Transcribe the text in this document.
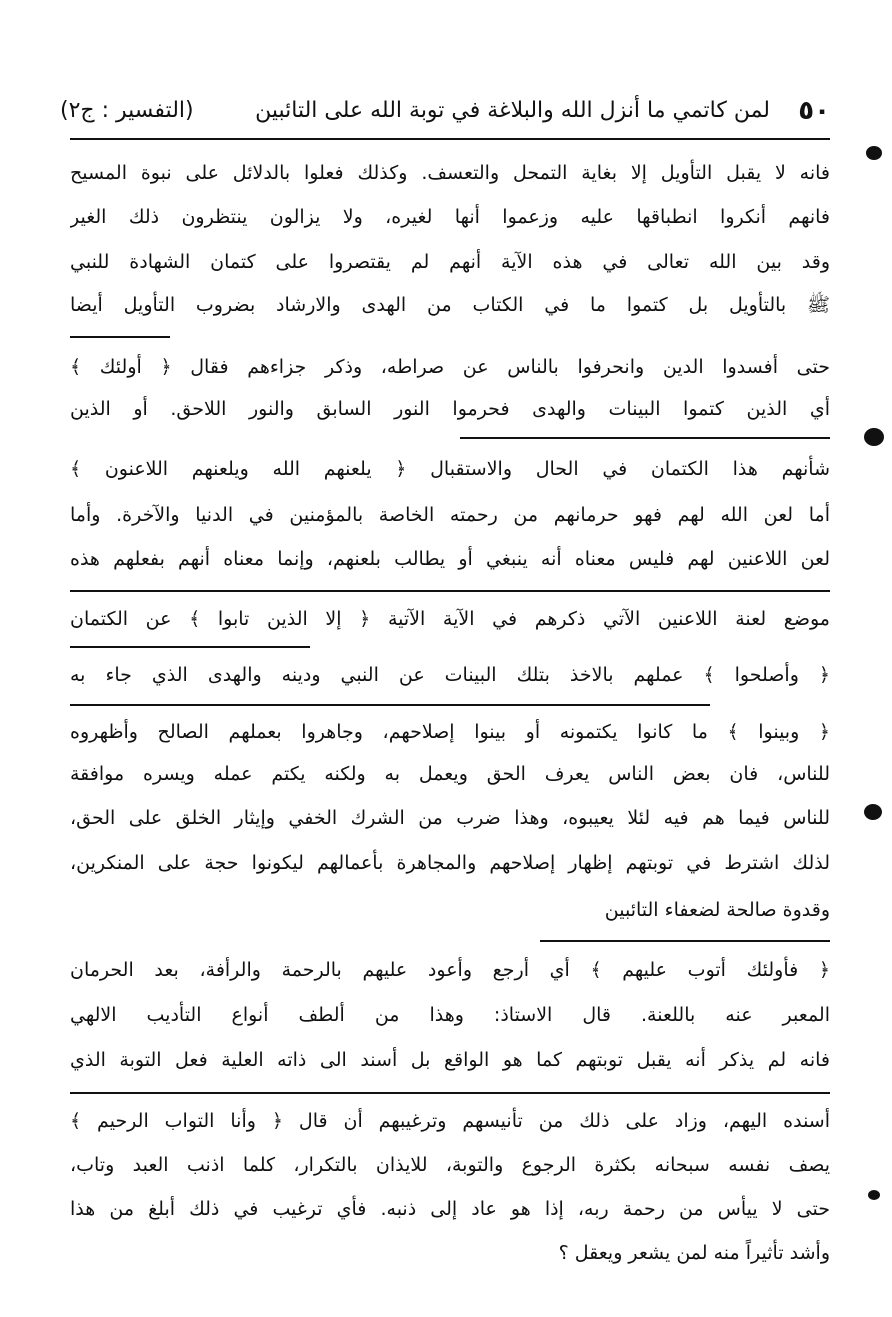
٥٠
لمن كاتمي ما أنزل الله والبلاغة في توبة الله على التائبين
(التفسير : ج٢)
فانه لا يقبل التأويل إلا بغاية التمحل والتعسف. وكذلك فعلوا بالدلائل على نبوة المسيح
فانهم أنكروا انطباقها عليه وزعموا أنها لغيره، ولا يزالون ينتظرون ذلك الغير
وقد بين الله تعالى في هذه الآية أنهم لم يقتصروا على كتمان الشهادة للنبي
ﷺ بالتأويل بل كتموا ما في الكتاب من الهدى والارشاد بضروب التأويل أيضا
حتى أفسدوا الدين وانحرفوا بالناس عن صراطه، وذكر جزاءهم فقال ﴿ أولئك ﴾
أي الذين كتموا البينات والهدى فحرموا النور السابق والنور اللاحق. أو الذين
شأنهم هذا الكتمان في الحال والاستقبال ﴿ يلعنهم الله ويلعنهم اللاعنون ﴾
أما لعن الله لهم فهو حرمانهم من رحمته الخاصة بالمؤمنين في الدنيا والآخرة. وأما
لعن اللاعنين لهم فليس معناه أنه ينبغي أو يطالب بلعنهم، وإنما معناه أنهم بفعلهم هذه
موضع لعنة اللاعنين الآتي ذكرهم في الآية الآتية ﴿ إلا الذين تابوا ﴾ عن الكتمان
﴿ وأصلحوا ﴾ عملهم بالاخذ بتلك البينات عن النبي ودينه والهدى الذي جاء به
﴿ وبينوا ﴾ ما كانوا يكتمونه أو بينوا إصلاحهم، وجاهروا بعملهم الصالح وأظهروه
للناس، فان بعض الناس يعرف الحق ويعمل به ولكنه يكتم عمله ويسره موافقة
للناس فيما هم فيه لئلا يعيبوه، وهذا ضرب من الشرك الخفي وإيثار الخلق على الحق،
لذلك اشترط في توبتهم إظهار إصلاحهم والمجاهرة بأعمالهم ليكونوا حجة على المنكرين،
وقدوة صالحة لضعفاء التائبين
﴿ فأولئك أتوب عليهم ﴾ أي أرجع وأعود عليهم بالرحمة والرأفة، بعد الحرمان
المعبر عنه باللعنة. قال الاستاذ: وهذا من ألطف أنواع التأديب الالهي
فانه لم يذكر أنه يقبل توبتهم كما هو الواقع بل أسند الى ذاته العلية فعل التوبة الذي
أسنده اليهم، وزاد على ذلك من تأنيسهم وترغيبهم أن قال ﴿ وأنا التواب الرحيم ﴾
يصف نفسه سبحانه بكثرة الرجوع والتوبة، للايذان بالتكرار، كلما اذنب العبد وتاب،
حتى لا ييأس من رحمة ربه، إذا هو عاد إلى ذنبه. فأي ترغيب في ذلك أبلغ من هذا
وأشد تأثيراً منه لمن يشعر ويعقل ؟
